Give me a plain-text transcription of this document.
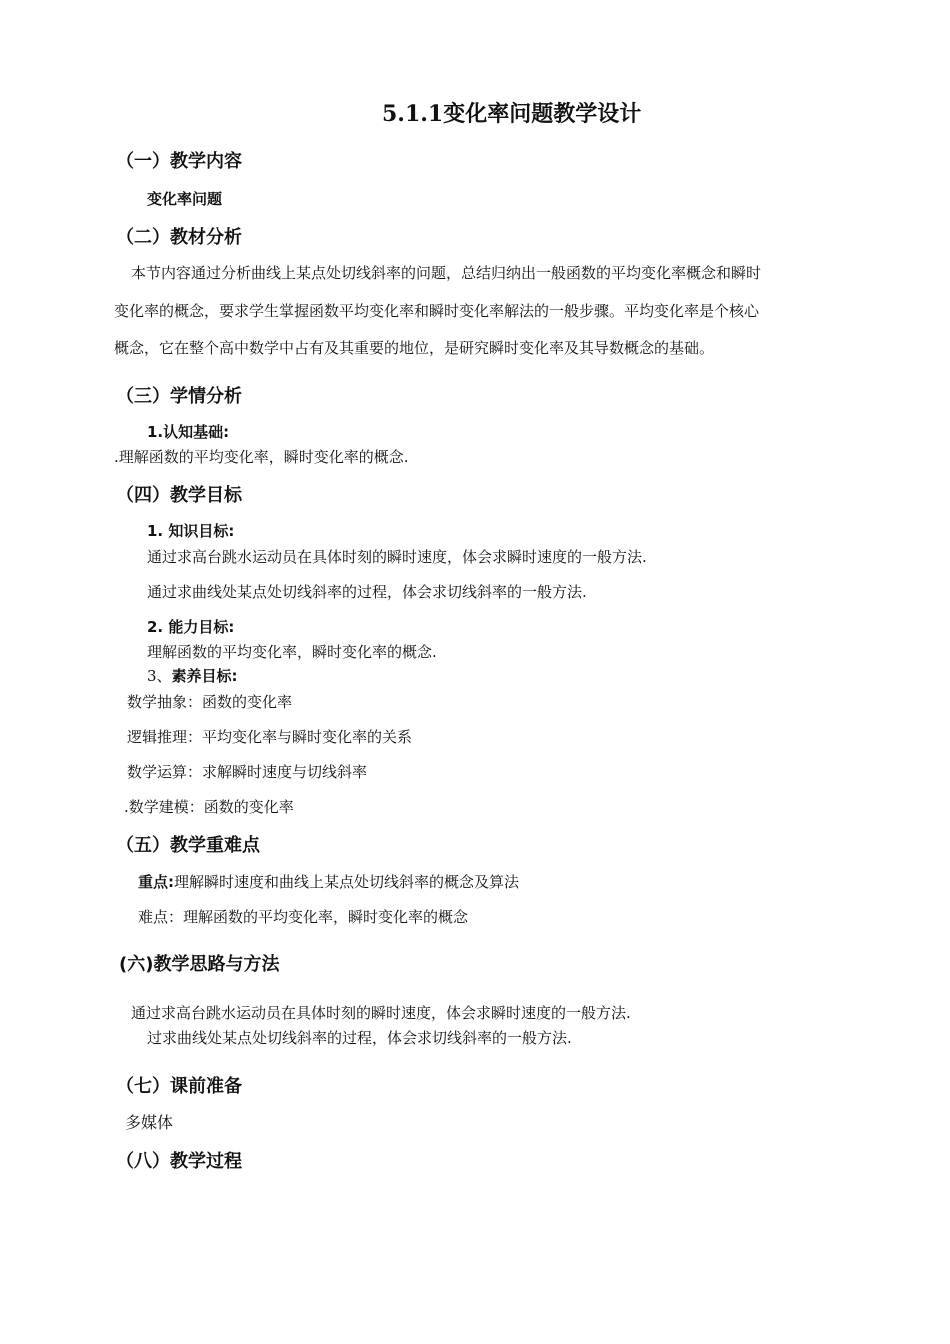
5.1.1变化率问题教学设计
（一）教学内容
变化率问题
（二）教材分析
本节内容通过分析曲线上某点处切线斜率的问题，总结归纳出一般函数的平均变化率概念和瞬时
变化率的概念，要求学生掌握函数平均变化率和瞬时变化率解法的一般步骤。平均变化率是个核心
概念，它在整个高中数学中占有及其重要的地位，是研究瞬时变化率及其导数概念的基础。
（三）学情分析
1.认知基础:
.理解函数的平均变化率，瞬时变化率的概念.
（四）教学目标
1. 知识目标:
通过求高台跳水运动员在具体时刻的瞬时速度，体会求瞬时速度的一般方法.
通过求曲线处某点处切线斜率的过程，体会求切线斜率的一般方法.
2. 能力目标:
理解函数的平均变化率，瞬时变化率的概念.
3、素养目标:
数学抽象：函数的变化率
逻辑推理：平均变化率与瞬时变化率的关系
数学运算：求解瞬时速度与切线斜率
.数学建模：函数的变化率
（五）教学重难点
重点:理解瞬时速度和曲线上某点处切线斜率的概念及算法
难点：理解函数的平均变化率，瞬时变化率的概念
(六)教学思路与方法
通过求高台跳水运动员在具体时刻的瞬时速度，体会求瞬时速度的一般方法.
过求曲线处某点处切线斜率的过程，体会求切线斜率的一般方法.
（七）课前准备
多媒体
（八）教学过程
